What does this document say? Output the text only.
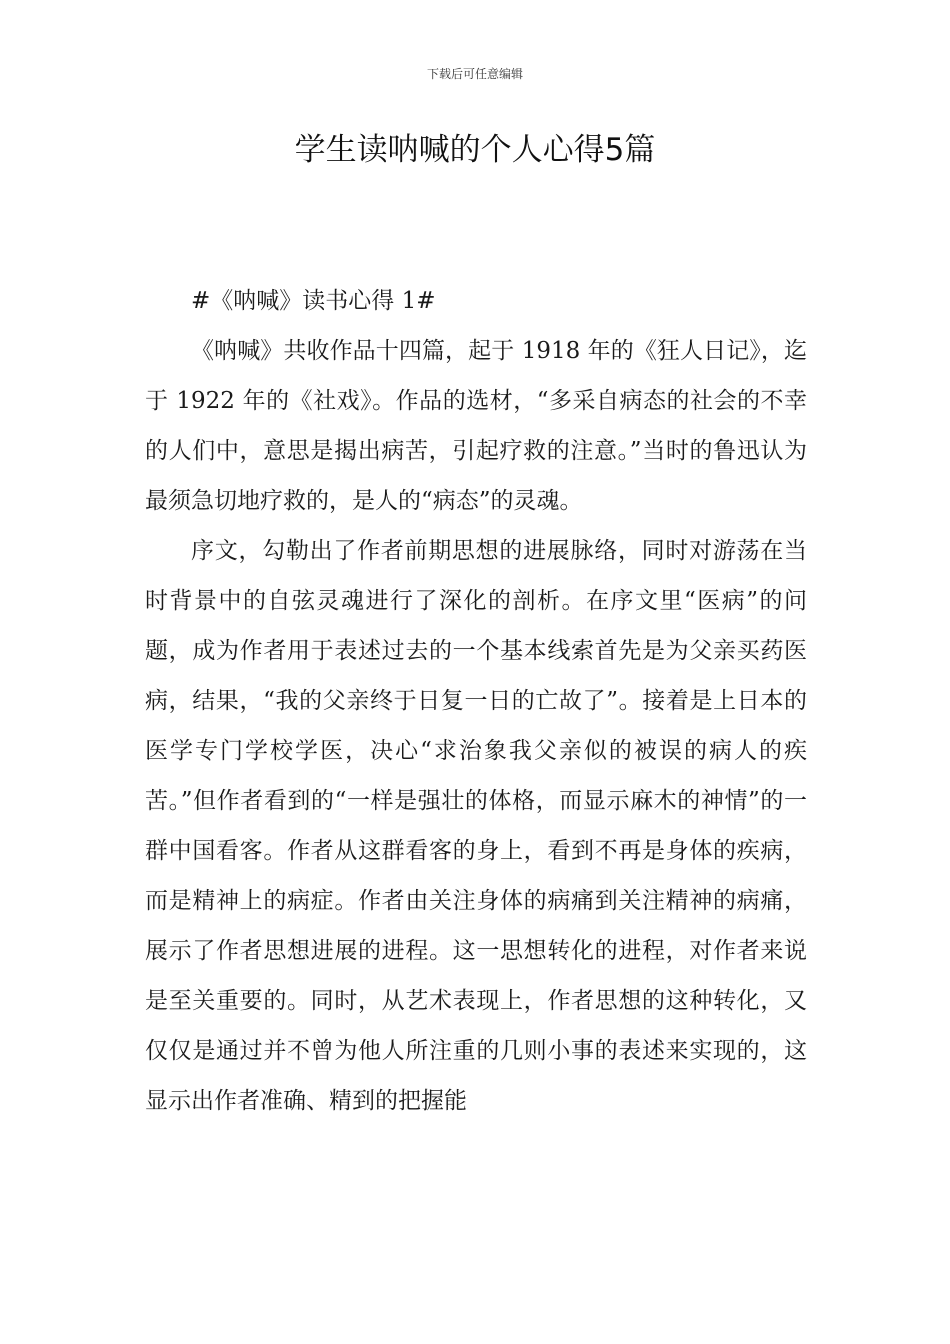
下载后可任意编辑
学生读呐喊的个人心得5篇

#《呐喊》读书心得 1#

《呐喊》共收作品十四篇，起于 1918 年的《狂人日记》，迄于 1922 年的《社戏》。作品的选材，“多采自病态的社会的不幸的人们中，意思是揭出病苦，引起疗救的注意。”当时的鲁迅认为最须急切地疗救的，是人的“病态”的灵魂。

序文，勾勒出了作者前期思想的进展脉络，同时对游荡在当时背景中的自弦灵魂进行了深化的剖析。在序文里“医病”的问题，成为作者用于表述过去的一个基本线索首先是为父亲买药医病，结果，“我的父亲终于日复一日的亡故了”。接着是上日本的医学专门学校学医，决心“求治象我父亲似的被误的病人的疾苦。”但作者看到的“一样是强壮的体格，而显示麻木的神情”的一群中国看客。作者从这群看客的身上，看到不再是身体的疾病，而是精神上的病症。作者由关注身体的病痛到关注精神的病痛，展示了作者思想进展的进程。这一思想转化的进程，对作者来说是至关重要的。同时，从艺术表现上，作者思想的这种转化，又仅仅是通过并不曾为他人所注重的几则小事的表述来实现的，这显示出作者准确、精到的把握能
